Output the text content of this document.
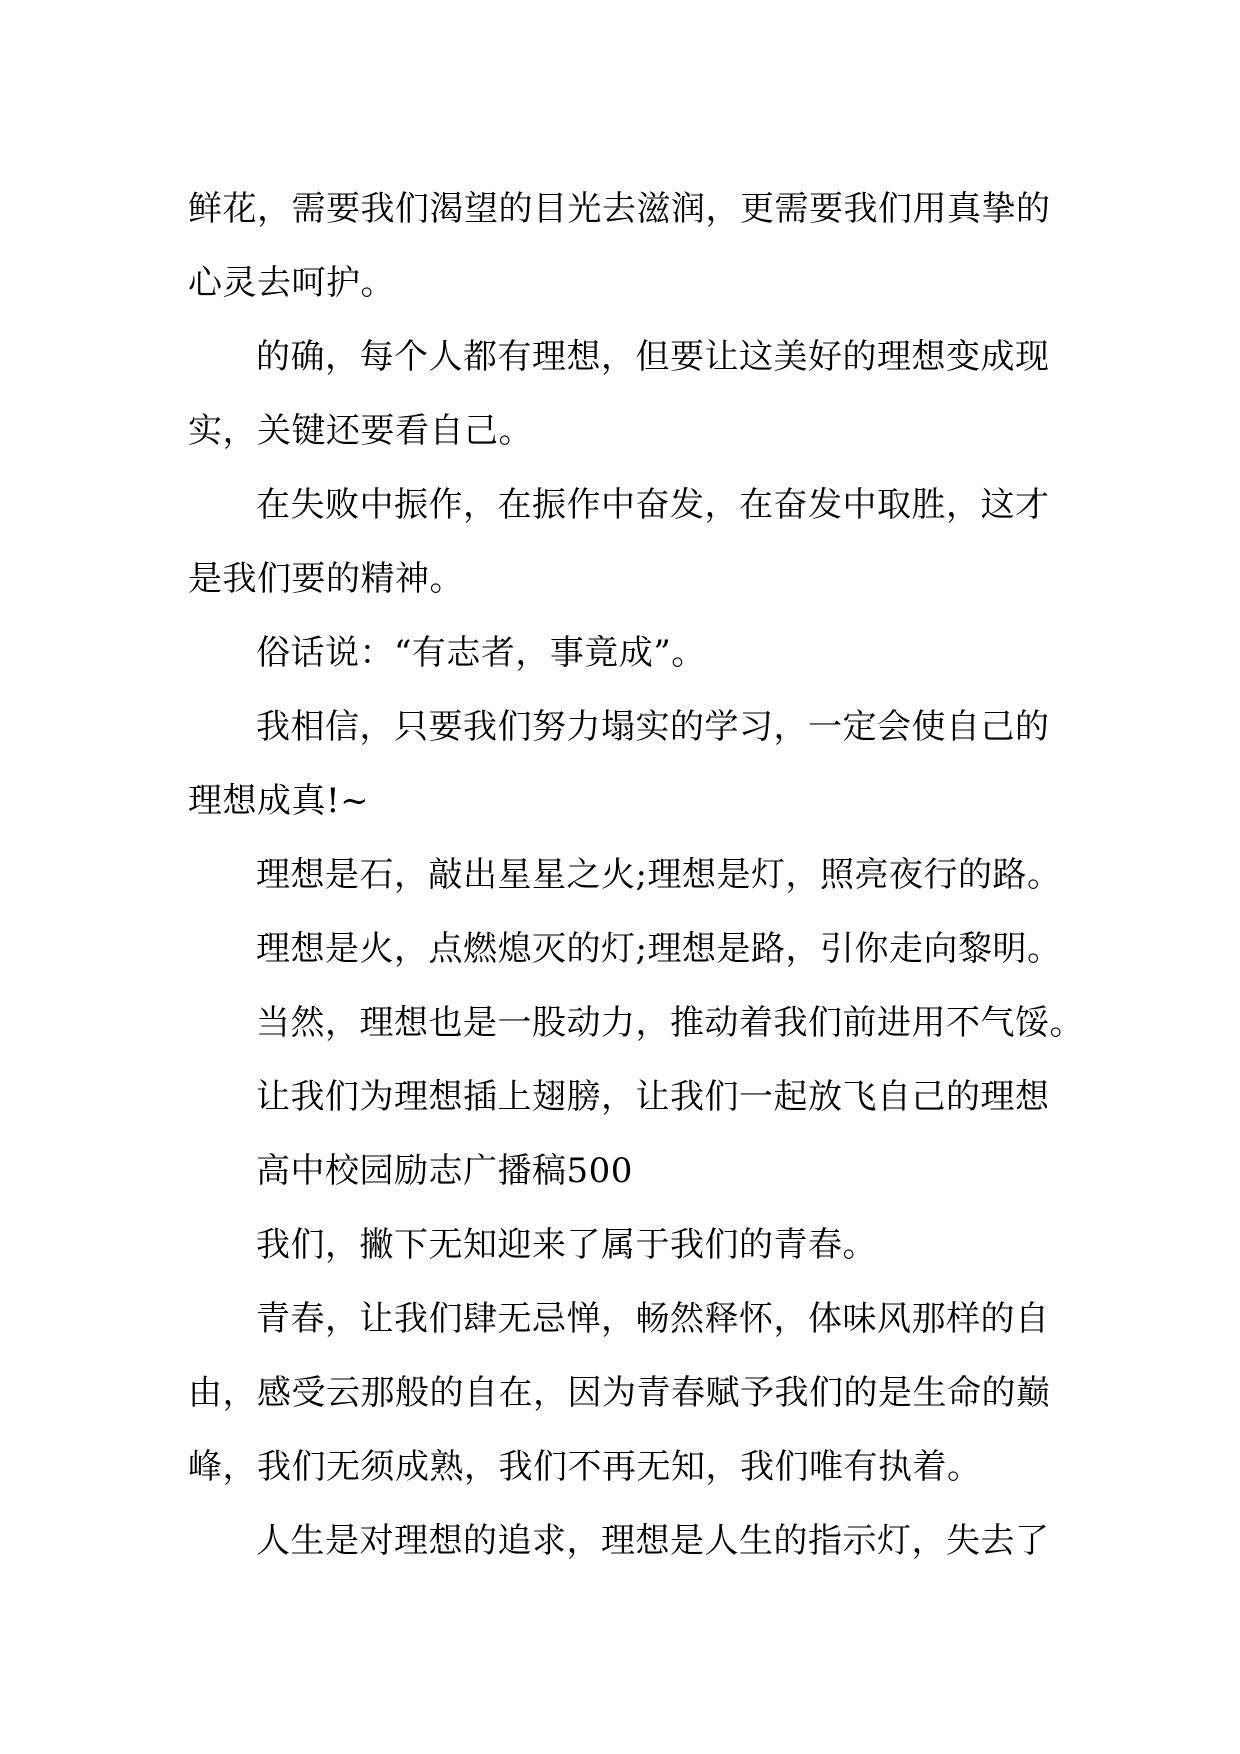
鲜花，需要我们渴望的目光去滋润，更需要我们用真挚的
心灵去呵护。
的确，每个人都有理想，但要让这美好的理想变成现
实，关键还要看自己。
在失败中振作，在振作中奋发，在奋发中取胜，这才
是我们要的精神。
俗话说：“有志者，事竟成”。
我相信，只要我们努力塌实的学习，一定会使自己的
理想成真!~
理想是石，敲出星星之火;理想是灯，照亮夜行的路。
理想是火，点燃熄灭的灯;理想是路，引你走向黎明。
当然，理想也是一股动力，推动着我们前进用不气馁。
让我们为理想插上翅膀，让我们一起放飞自己的理想
高中校园励志广播稿500
我们，撇下无知迎来了属于我们的青春。
青春，让我们肆无忌惮，畅然释怀，体味风那样的自
由，感受云那般的自在，因为青春赋予我们的是生命的巅
峰，我们无须成熟，我们不再无知，我们唯有执着。
人生是对理想的追求，理想是人生的指示灯，失去了
